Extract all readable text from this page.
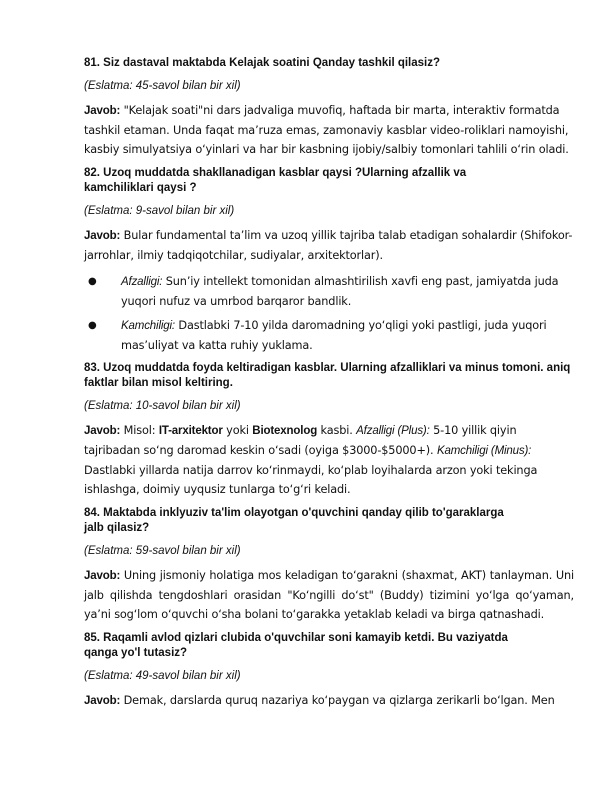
81. Siz dastaval maktabda Kelajak soatini Qanday tashkil qilasiz?
(Eslatma: 45-savol bilan bir xil)
Javob: "Kelajak soati"ni dars jadvaliga muvofiq, haftada bir marta, interaktiv formatda tashkil etaman. Unda faqat ma’ruza emas, zamonaviy kasblar video-roliklari namoyishi, kasbiy simulyatsiya o‘yinlari va har bir kasbning ijobiy/salbiy tomonlari tahlili o‘rin oladi.
82. Uzoq muddatda shakllanadigan kasblar qaysi ?Ularning afzallik va
kamchiliklari qaysi ?
(Eslatma: 9-savol bilan bir xil)
Javob: Bular fundamental ta’lim va uzoq yillik tajriba talab etadigan sohalardir (Shifokor-jarrohlar, ilmiy tadqiqotchilar, sudiyalar, arxitektorlar).
● Afzalligi: Sun’iy intellekt tomonidan almashtirilish xavfi eng past, jamiyatda juda yuqori nufuz va umrbod barqaror bandlik.
● Kamchiligi: Dastlabki 7-10 yilda daromadning yo‘qligi yoki pastligi, juda yuqori mas’uliyat va katta ruhiy yuklama.
83. Uzoq muddatda foyda keltiradigan kasblar. Ularning afzalliklari va minus tomoni. aniq faktlar bilan misol keltiring.
(Eslatma: 10-savol bilan bir xil)
Javob: Misol: IT-arxitektor yoki Biotexnolog kasbi. Afzalligi (Plus): 5-10 yillik qiyin tajribadan so‘ng daromad keskin o‘sadi (oyiga $3000-$5000+). Kamchiligi (Minus): Dastlabki yillarda natija darrov ko‘rinmaydi, ko‘plab loyihalarda arzon yoki tekinga ishlashga, doimiy uyqusiz tunlarga to‘g‘ri keladi.
84. Maktabda inklyuziv ta'lim olayotgan o'quvchini qanday qilib to'garaklarga
jalb qilasiz?
(Eslatma: 59-savol bilan bir xil)
Javob: Uning jismoniy holatiga mos keladigan to‘garakni (shaxmat, AKT) tanlayman. Uni jalb qilishda tengdoshlari orasidan "Ko‘ngilli do‘st" (Buddy) tizimini yo‘lga qo‘yaman, ya’ni sog‘lom o‘quvchi o‘sha bolani to‘garakka yetaklab keladi va birga qatnashadi.
85. Raqamli avlod qizlari clubida o'quvchilar soni kamayib ketdi. Bu vaziyatda
qanga yo'l tutasiz?
(Eslatma: 49-savol bilan bir xil)
Javob: Demak, darslarda quruq nazariya ko‘paygan va qizlarga zerikarli bo‘lgan. Men
